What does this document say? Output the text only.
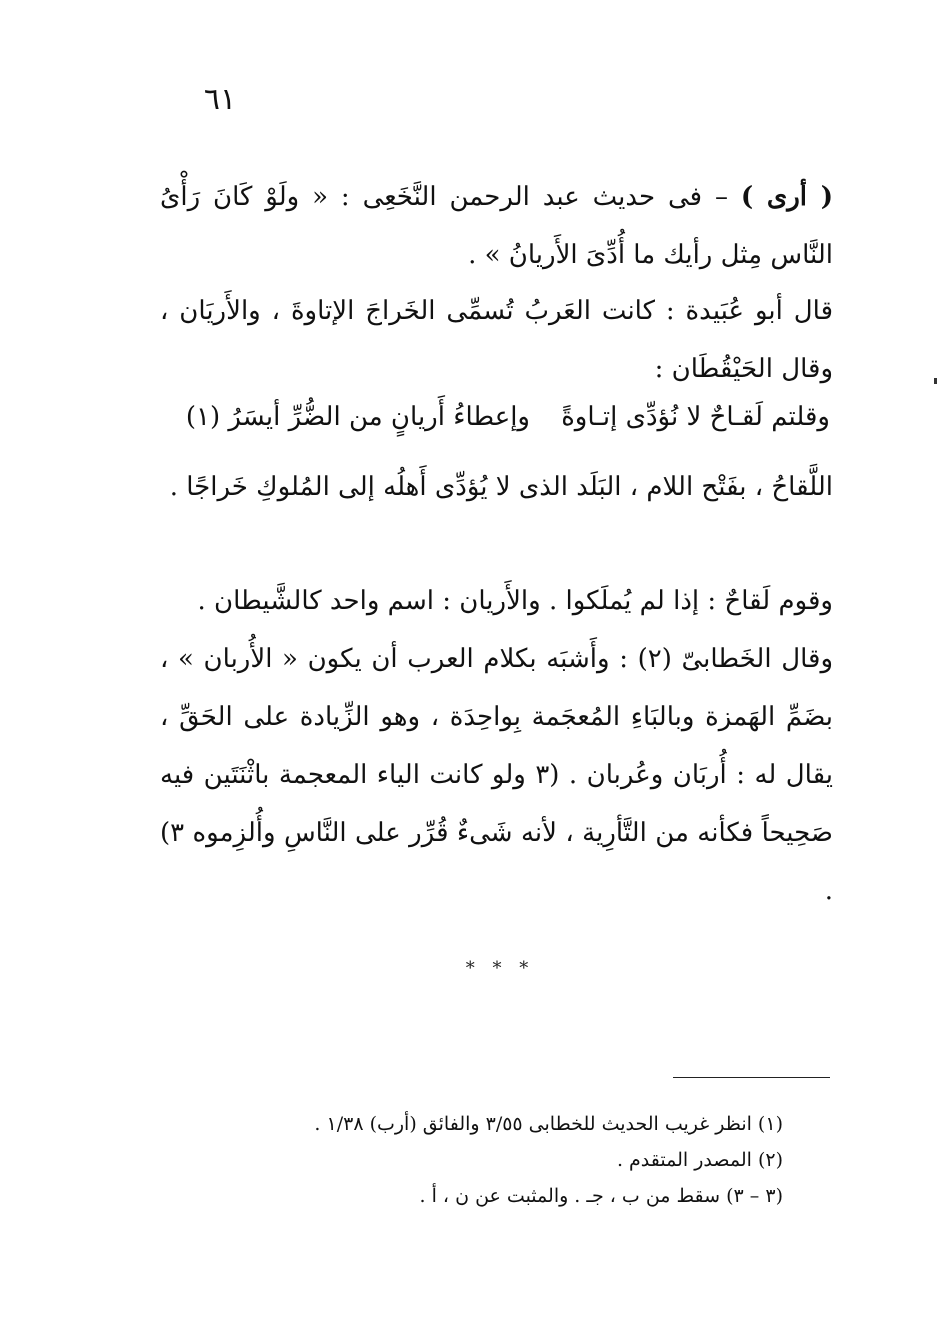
٦١

( أرى ) – فى حديث عبد الرحمن النَّخَعِى : « ولَوْ كَانَ رَأْىُ النَّاس مِثل رأيك ما أُدِّىَ الأَريانُ » .

قال أبو عُبَيدة : كانت العَربُ تُسمِّى الخَراجَ الإتاوةَ ، والأَريَان ، وقال الحَيْقُطَان :

وقلتم لَقـاحٌ لا نُؤدِّى إتـاوةً
وإعطاءُ أَريانٍ من الضُّرِّ أيسَرُ (١)

اللَّقاحُ ، بفَتْح اللام ، البَلَد الذى لا يُؤدِّى أَهلُه إلى المُلوكِ خَراجًا .

وقوم لَقاحٌ : إذا لم يُملَكوا . والأَريان : اسم واحد كالشَّيطان .

وقال الخَطابىّ (٢) : وأَشبَه بكلام العرب أن يكون « الأُربان » ، بضَمِّ الهَمزة وبالبَاءِ المُعجَمة بِواحِدَة ، وهو الزِّيادة على الحَقِّ ، يقال له : أُربَان وعُربان . (٣ ولو كانت الياء المعجمة باثْنَتَين فيه صَحِيحاً فكأنه من التَّأرِية ، لأنه شَىءٌ قُرِّر على النَّاسِ وأُلزِموه ٣) .

* * *

(١) انظر غريب الحديث للخطابى ٣/٥٥ والفائق (أرب) ١/٣٨ .

(٢) المصدر المتقدم .

(٣ – ٣) سقط من ب ، جـ . والمثبت عن ن ، أ .
